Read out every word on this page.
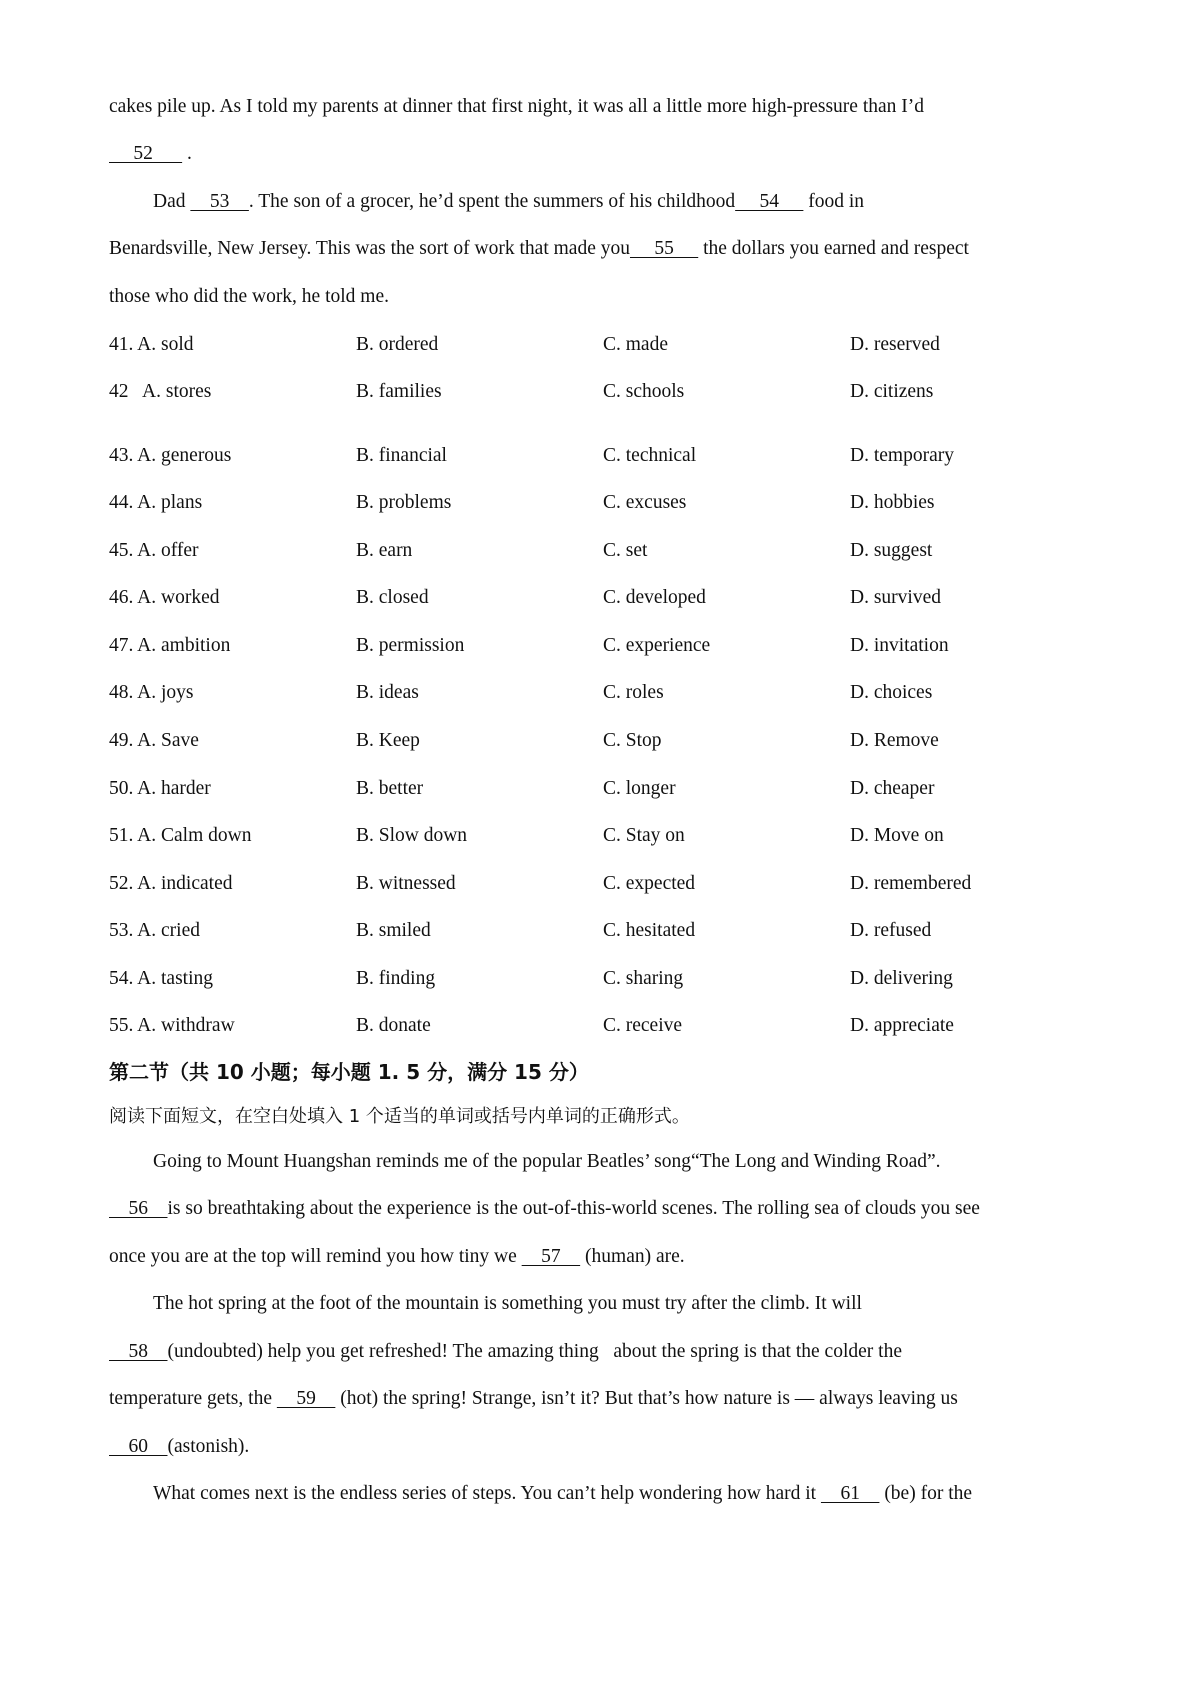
cakes pile up. As I told my parents at dinner that first night, it was all a little more high-pressure than I’d
52       .
Dad     53    . The son of a grocer, he’d spent the summers of his childhood     54      food in
Benardsville, New Jersey. This was the sort of work that made you     55      the dollars you earned and respect
those who did the work, he told me.
41. A. sold	B. ordered	C. made	D. reserved
42   A. stores	B. families	C. schools	D. citizens
43. A. generous	B. financial	C. technical	D. temporary
44. A. plans	B. problems	C. excuses	D. hobbies
45. A. offer	B. earn	C. set	D. suggest
46. A. worked	B. closed	C. developed	D. survived
47. A. ambition	B. permission	C. experience	D. invitation
48. A. joys	B. ideas	C. roles	D. choices
49. A. Save	B. Keep	C. Stop	D. Remove
50. A. harder	B. better	C. longer	D. cheaper
51. A. Calm down	B. Slow down	C. Stay on	D. Move on
52. A. indicated	B. witnessed	C. expected	D. remembered
53. A. cried	B. smiled	C. hesitated	D. refused
54. A. tasting	B. finding	C. sharing	D. delivering
55. A. withdraw	B. donate	C. receive	D. appreciate
第二节（共 10 小题；每小题 1. 5 分，满分 15 分）
阅读下面短文，在空白处填入 1 个适当的单词或括号内单词的正确形式。
Going to Mount Huangshan reminds me of the popular Beatles’ song“The Long and Winding Road”.
56    is so breathtaking about the experience is the out-of-this-world scenes. The rolling sea of clouds you see
once you are at the top will remind you how tiny we     57     (human) are.
The hot spring at the foot of the mountain is something you must try after the climb. It will
58    (undoubted) help you get refreshed! The amazing thing   about the spring is that the colder the
temperature gets, the     59     (hot) the spring! Strange, isn’t it? But that’s how nature is — always leaving us
60    (astonish).
What comes next is the endless series of steps. You can’t help wondering how hard it     61     (be) for the
